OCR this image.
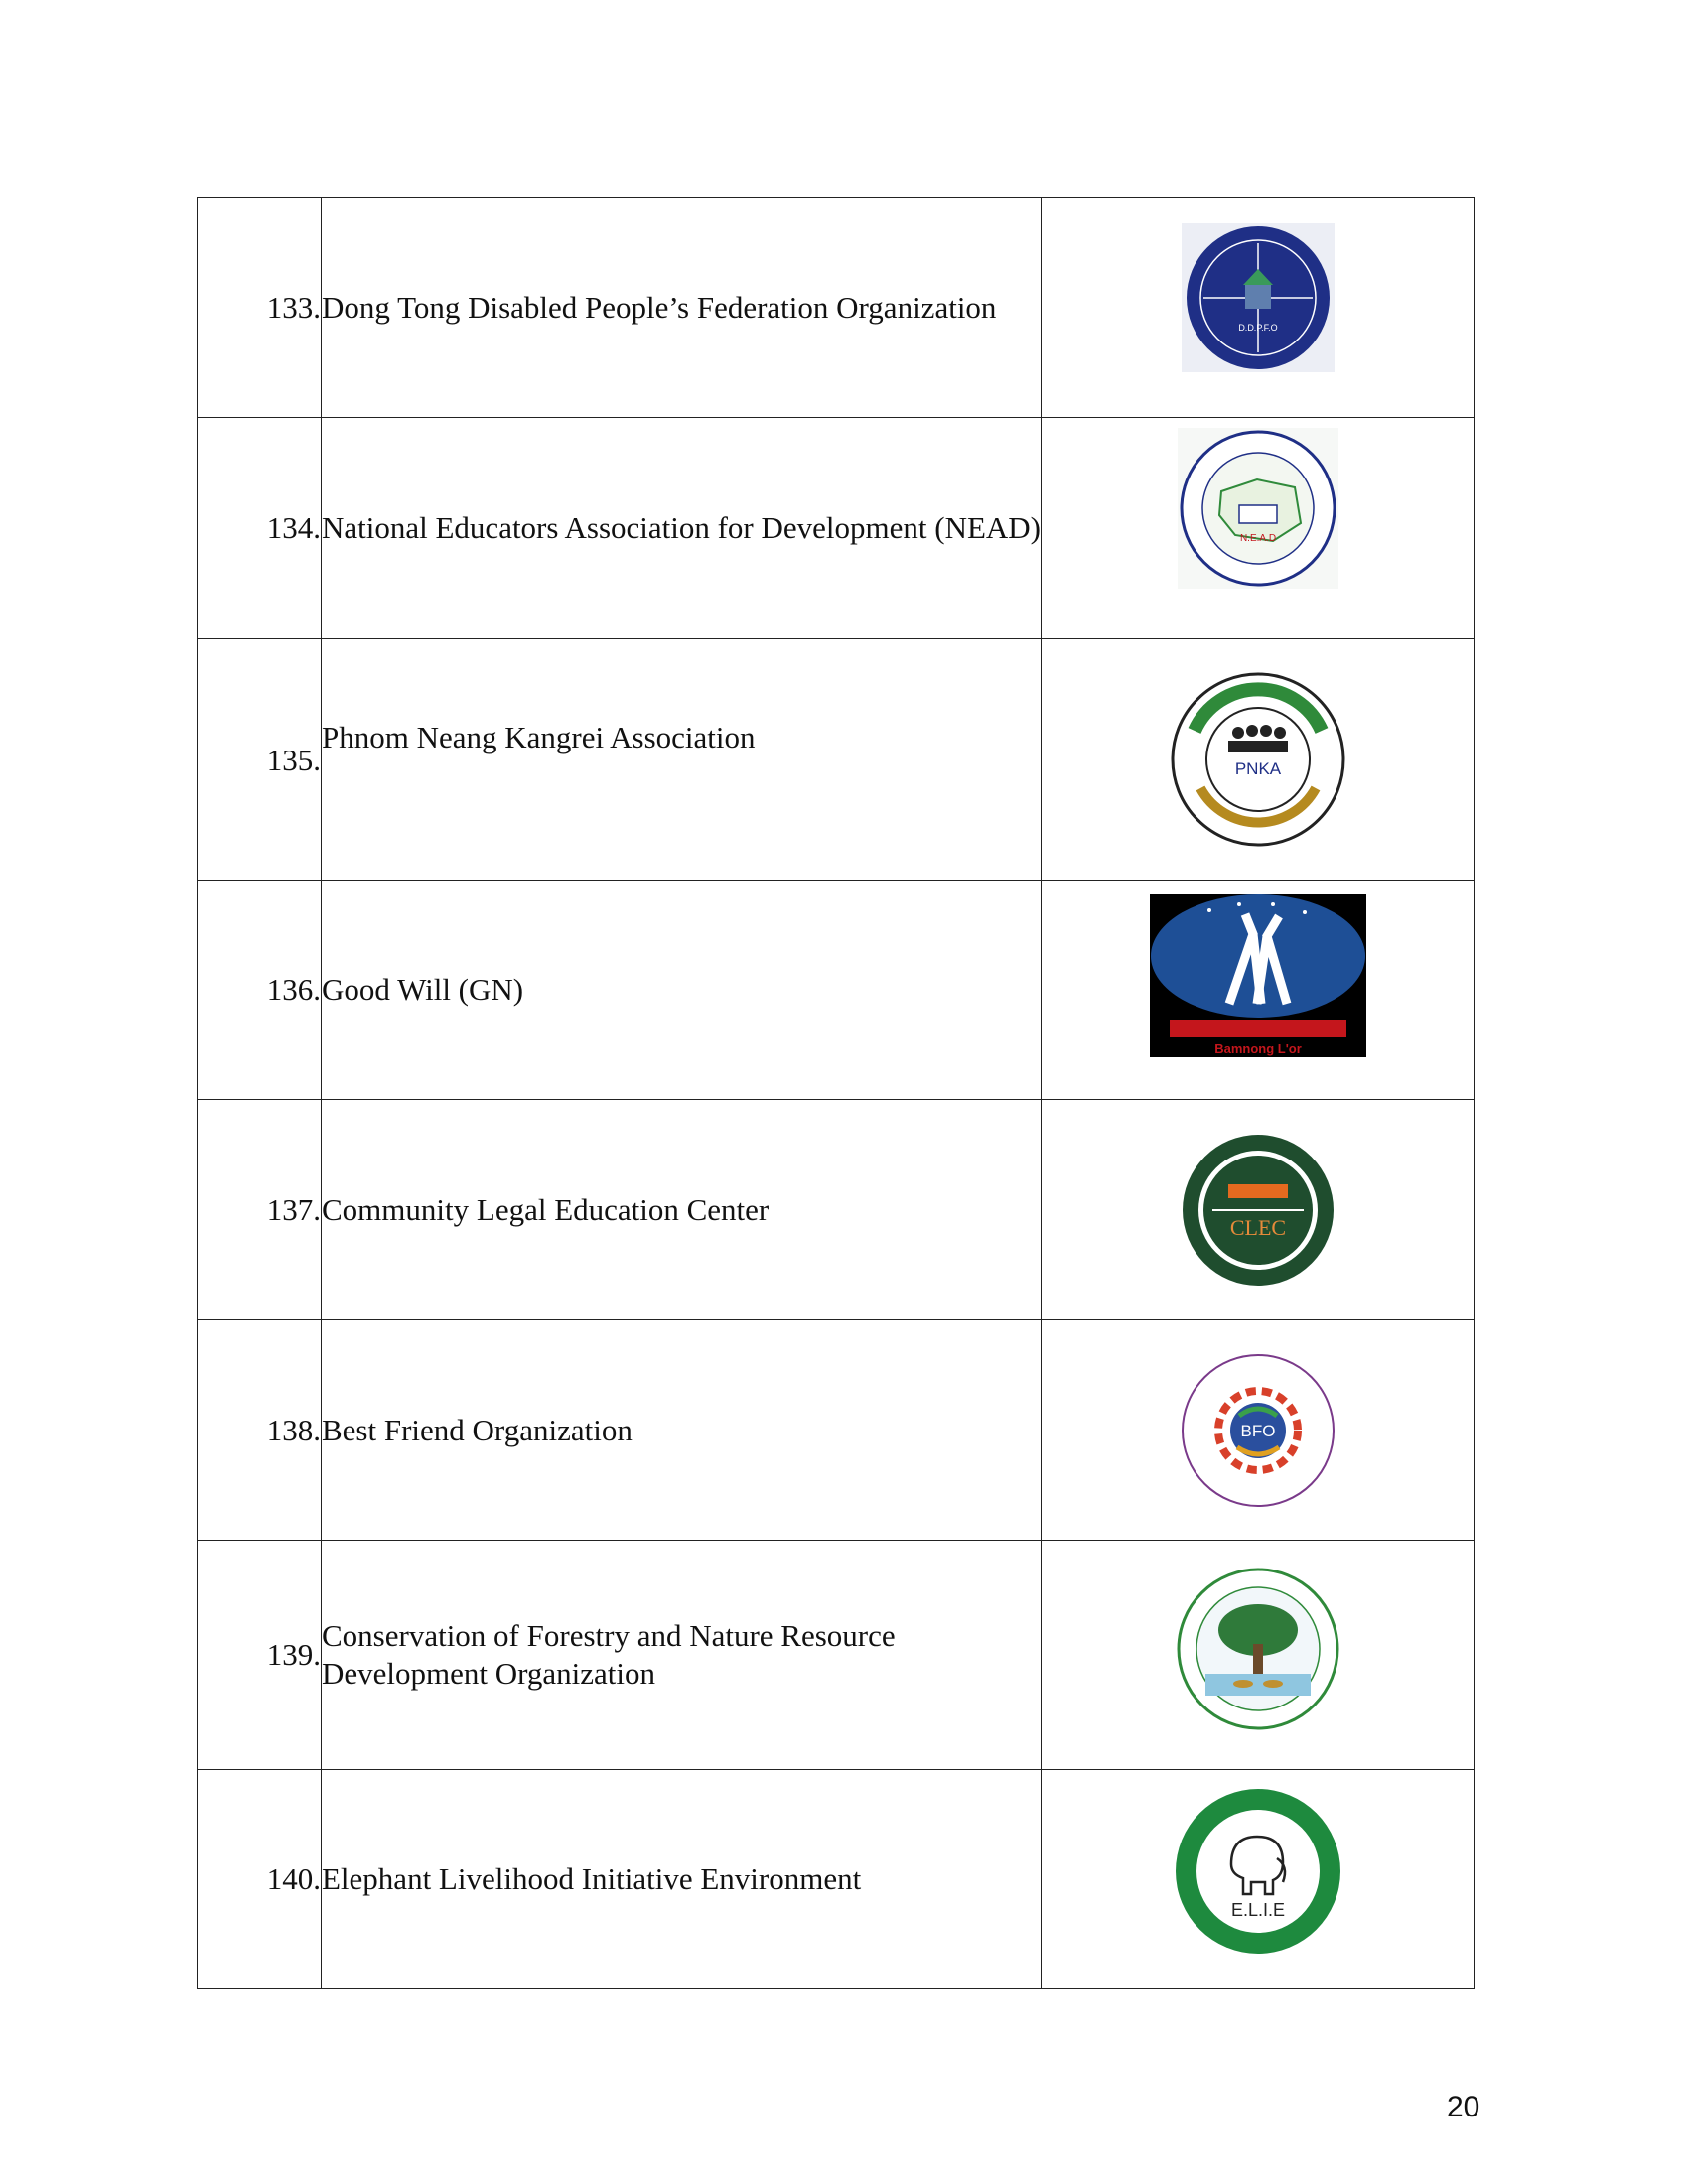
133.	Dong Tong Disabled People’s Federation Organization	D.D.P.F.O

134.	National Educators Association for Development (NEAD)	N.E.A.D

135.	Phnom Neang Kangrei Association	PNKA

136.	Good Will (GN)	Bamnong L'or

137.	Community Legal Education Center	CLEC

138.	Best Friend Organization	BFO

139.	Conservation of Forestry and Nature Resource Development Organization	

140.	Elephant Livelihood Initiative Environment	E.L.I.E
20
